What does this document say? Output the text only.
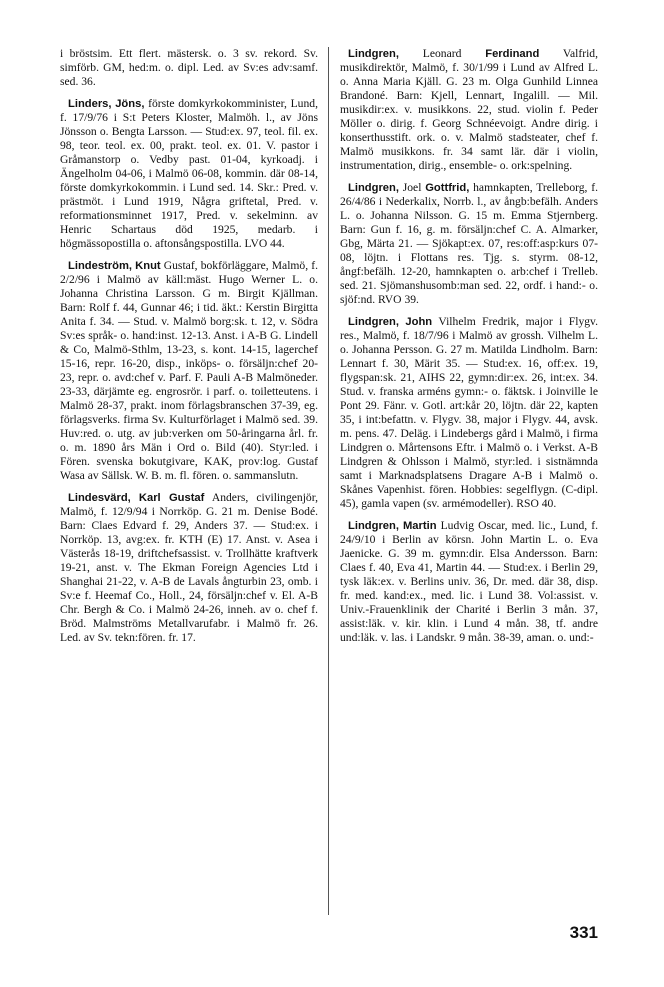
i bröstsim. Ett flert. mästersk. o. 3 sv. rekord. Sv. simförb. GM, hed:m. o. dipl. Led. av Sv:es adv:samf. sed. 36.

Linders, Jöns, förste domkyrkokomminister, Lund, f. 17/9/76 i S:t Peters Kloster, Malmöh. l., av Jöns Jönsson o. Bengta Larsson. — Stud:ex. 97, teol. fil. ex. 98, teor. teol. ex. 00, prakt. teol. ex. 01. V. pastor i Gråmanstorp o. Vedby past. 01-04, kyrkoadj. i Ängelholm 04-06, i Malmö 06-08, kommin. där 08-14, förste domkyrkokommin. i Lund sed. 14. Skr.: Pred. v. prästmöt. i Lund 1919, Några griftetal, Pred. v. reformationsminnet 1917, Pred. v. sekelminn. av Henric Schartaus död 1925, medarb. i högmässopostilla o. aftonsångspostilla. LVO 44.

Lindeström, Knut Gustaf, bokförläggare, Malmö, f. 2/2/96 i Malmö av käll:mäst. Hugo Werner L. o. Johanna Christina Larsson. G m. Birgit Kjällman. Barn: Rolf f. 44, Gunnar 46; i tid. äkt.: Kerstin Birgitta Anita f. 34. — Stud. v. Malmö borg:sk. t. 12, v. Södra Sv:es språk- o. hand:inst. 12-13. Anst. i A-B G. Lindell & Co, Malmö-Sthlm, 13-23, s. kont. 14-15, lagerchef 15-16, repr. 16-20, disp., inköps- o. försäljn:chef 20-23, repr. o. avd:chef v. Parf. F. Pauli A-B Malmöneder. 23-33, därjämte eg. engrosrör. i parf. o. toiletteutens. i Malmö 28-37, prakt. inom förlagsbranschen 37-39, eg. förlagsverks. firma Sv. Kulturförlaget i Malmö sed. 39. Huv:red. o. utg. av jub:verken om 50-åringarna årl. fr. o. m. 1890 års Män i Ord o. Bild (40). Styr:led. i Fören. svenska bokutgivare, KAK, prov:log. Gustaf Wasa av Sällsk. W. B. m. fl. fören. o. sammanslutn.

Lindesvärd, Karl Gustaf Anders, civilingenjör, Malmö, f. 12/9/94 i Norrköp. G. 21 m. Denise Bodé. Barn: Claes Edvard f. 29, Anders 37. — Stud:ex. i Norrköp. 13, avg:ex. fr. KTH (E) 17. Anst. v. Asea i Västerås 18-19, driftchefsassist. v. Trollhätte kraftverk 19-21, anst. v. The Ekman Foreign Agencies Ltd i Shanghai 21-22, v. A-B de Lavals ångturbin 23, omb. i Sv:e f. Heemaf Co., Holl., 24, försäljn:chef v. El. A-B Chr. Bergh & Co. i Malmö 24-26, inneh. av o. chef f. Bröd. Malmströms Metallvarufabr. i Malmö fr. 26. Led. av Sv. tekn:fören. fr. 17.

Lindgren, Leonard Ferdinand Valfrid, musikdirektör, Malmö, f. 30/1/99 i Lund av Alfred L. o. Anna Maria Kjäll. G. 23 m. Olga Gunhild Linnea Brandoné. Barn: Kjell, Lennart, Ingalill. — Mil. musikdir:ex. v. musikkons. 22, stud. violin f. Peder Möller o. dirig. f. Georg Schnéevoigt. Andre dirig. i konserthusstift. ork. o. v. Malmö stadsteater, chef f. Malmö musikkons. fr. 34 samt lär. där i violin, instrumentation, dirig., ensemble- o. ork:spelning.

Lindgren, Joel Gottfrid, hamnkapten, Trelleborg, f. 26/4/86 i Nederkalix, Norrb. l., av ångb:befälh. Anders L. o. Johanna Nilsson. G. 15 m. Emma Stjernberg. Barn: Gun f. 16, g. m. försäljn:chef C. A. Almarker, Gbg, Märta 21. — Sjökapt:ex. 07, res:off:asp:kurs 07-08, löjtn. i Flottans res. Tjg. s. styrm. 08-12, ångf:befälh. 12-20, hamnkapten o. arb:chef i Trelleb. sed. 21. Sjömanshusomb:man sed. 22, ordf. i hand:- o. sjöf:nd. RVO 39.

Lindgren, John Vilhelm Fredrik, major i Flygv. res., Malmö, f. 18/7/96 i Malmö av grossh. Vilhelm L. o. Johanna Persson. G. 27 m. Matilda Lindholm. Barn: Lennart f. 30, Märit 35. — Stud:ex. 16, off:ex. 19, flygspan:sk. 21, AIHS 22, gymn:dir:ex. 26, int:ex. 34. Stud. v. franska arméns gymn:- o. fäktsk. i Joinville le Pont 29. Fänr. v. Gotl. art:kår 20, löjtn. där 22, kapten 35, i int:befattn. v. Flygv. 38, major i Flygv. 44, avsk. m. pens. 47. Deläg. i Lindebergs gård i Malmö, i firma Lindgren o. Mårtensons Eftr. i Malmö o. i Verkst. A-B Lindgren & Ohlsson i Malmö, styr:led. i sistnämnda samt i Marknadsplatsens Dragare A-B i Malmö o. Skånes Vapenhist. fören. Hobbies: segelflygn. (C-dipl. 45), gamla vapen (sv. armémodeller). RSO 40.

Lindgren, Martin Ludvig Oscar, med. lic., Lund, f. 24/9/10 i Berlin av körsn. John Martin L. o. Eva Jaenicke. G. 39 m. gymn:dir. Elsa Andersson. Barn: Claes f. 40, Eva 41, Martin 44. — Stud:ex. i Berlin 29, tysk läk:ex. v. Berlins univ. 36, Dr. med. där 38, disp. fr. med. kand:ex., med. lic. i Lund 38. Vol:assist. v. Univ.-Frauenklinik der Charité i Berlin 3 mån. 37, assist:läk. v. kir. klin. i Lund 4 mån. 38, tf. andre und:läk. v. las. i Landskr. 9 mån. 38-39, aman. o. und:-

331
